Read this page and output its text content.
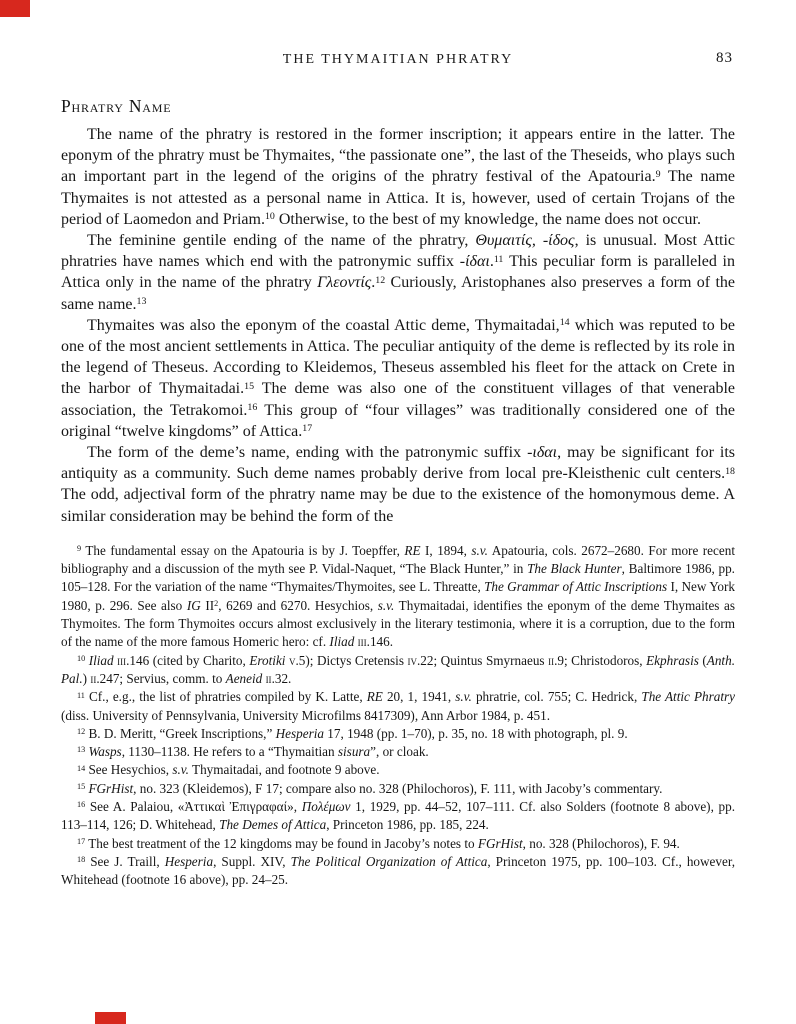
THE THYMAITIAN PHRATRY	83
Phratry Name

The name of the phratry is restored in the former inscription; it appears entire in the latter. The eponym of the phratry must be Thymaites, “the passionate one”, the last of the Theseids, who plays such an important part in the legend of the origins of the phratry festival of the Apatouria.$^9$ The name Thymaites is not attested as a personal name in Attica. It is, however, used of certain Trojans of the period of Laomedon and Priam.$^{10}$ Otherwise, to the best of my knowledge, the name does not occur.

The feminine gentile ending of the name of the phratry, Θυμαιτίς, -ίδος, is unusual. Most Attic phratries have names which end with the patronymic suffix -ίδαι.$^{11}$ This peculiar form is paralleled in Attica only in the name of the phratry Γλεοντίς.$^{12}$ Curiously, Aristophanes also preserves a form of the same name.$^{13}$

Thymaites was also the eponym of the coastal Attic deme, Thymaitadai,$^{14}$ which was reputed to be one of the most ancient settlements in Attica. The peculiar antiquity of the deme is reflected by its role in the legend of Theseus. According to Kleidemos, Theseus assembled his fleet for the attack on Crete in the harbor of Thymaitadai.$^{15}$ The deme was also one of the constituent villages of that venerable association, the Tetrakomoi.$^{16}$ This group of “four villages” was traditionally considered one of the original “twelve kingdoms” of Attica.$^{17}$

The form of the deme’s name, ending with the patronymic suffix -ιδαι, may be significant for its antiquity as a community. Such deme names probably derive from local pre-Kleisthenic cult centers.$^{18}$ The odd, adjectival form of the phratry name may be due to the existence of the homonymous deme. A similar consideration may be behind the form of the

$^9$ The fundamental essay on the Apatouria is by J. Toepffer, RE I, 1894, s.v. Apatouria, cols. 2672–2680. For more recent bibliography and a discussion of the myth see P. Vidal-Naquet, “The Black Hunter,” in The Black Hunter, Baltimore 1986, pp. 105–128. For the variation of the name “Thymaites/Thymoites, see L. Threatte, The Grammar of Attic Inscriptions I, New York 1980, p. 296. See also IG $II^2$, 6269 and 6270. Hesychios, s.v. Thymaitadai, identifies the eponym of the deme Thymaites as Thymoites. The form Thymoites occurs almost exclusively in the literary testimonia, where it is a corruption, due to the form of the name of the more famous Homeric hero: cf. Iliad iii.146.

$^{10}$ Iliad iii.146 (cited by Charito, Erotiki v.5); Dictys Cretensis iv.22; Quintus Smyrnaeus ii.9; Christodoros, Ekphrasis (Anth. Pal.) ii.247; Servius, comm. to Aeneid ii.32.

$^{11}$ Cf., e.g., the list of phratries compiled by K. Latte, RE 20, 1, 1941, s.v. phratrie, col. 755; C. Hedrick, The Attic Phratry (diss. University of Pennsylvania, University Microfilms 8417309), Ann Arbor 1984, p. 451.

$^{12}$ B. D. Meritt, “Greek Inscriptions,” Hesperia 17, 1948 (pp. 1–70), p. 35, no. 18 with photograph, pl. 9.

$^{13}$ Wasps, 1130–1138. He refers to a “Thymaitian sisura”, or cloak.

$^{14}$ See Hesychios, s.v. Thymaitadai, and footnote 9 above.

$^{15}$ FGrHist, no. 323 (Kleidemos), F 17; compare also no. 328 (Philochoros), F. 111, with Jacoby’s commentary.

$^{16}$ See A. Palaiou, «Ἀττικαὶ Ἐπιγραφαί», Πολέμων 1, 1929, pp. 44–52, 107–111. Cf. also Solders (footnote 8 above), pp. 113–114, 126; D. Whitehead, The Demes of Attica, Princeton 1986, pp. 185, 224.

$^{17}$ The best treatment of the 12 kingdoms may be found in Jacoby’s notes to FGrHist, no. 328 (Philochoros), F. 94.

$^{18}$ See J. Traill, Hesperia, Suppl. XIV, The Political Organization of Attica, Princeton 1975, pp. 100–103. Cf., however, Whitehead (footnote 16 above), pp. 24–25.
